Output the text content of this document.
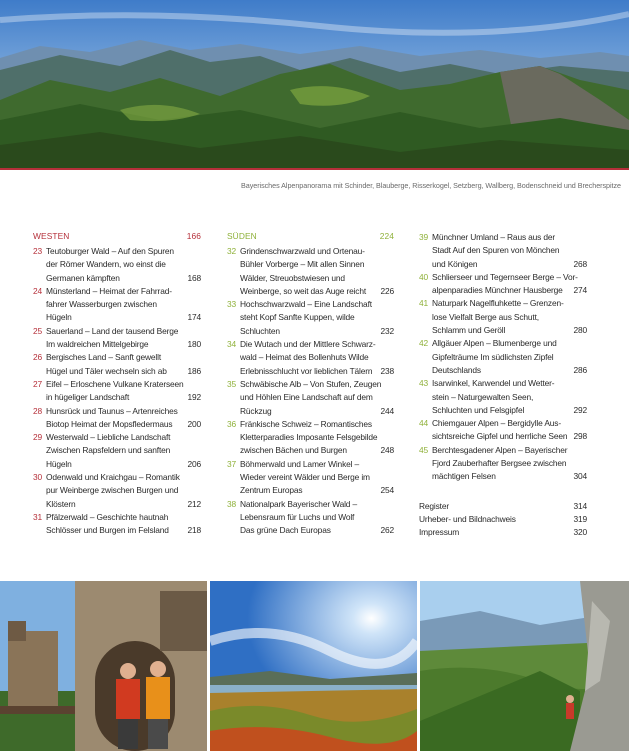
Bayerisches Alpenpanorama mit Schinder, Blauberge, Risserkogel, Setzberg, Wallberg, Bodenschneid und Brecherspitze
WESTEN	166
23 Teutoburger Wald – Auf den Spuren
der Römer Wandern, wo einst die
Germanen kämpften	168
24 Münsterland – Heimat der Fahrrad-
fahrer Wasserburgen zwischen
Hügeln	174
25 Sauerland – Land der tausend Berge
Im waldreichen Mittelgebirge	180
26 Bergisches Land – Sanft gewellt
Hügel und Täler wechseln sich ab	186
27 Eifel – Erloschene Vulkane Kraterseen
in hügeliger Landschaft	192
28 Hunsrück und Taunus – Artenreiches
Biotop Heimat der Mopsfledermaus	200
29 Westerwald – Liebliche Landschaft
Zwischen Rapsfeldern und sanften
Hügeln	206
30 Odenwald und Kraichgau – Romantik
pur Weinberge zwischen Burgen und
Klöstern	212
31 Pfälzerwald – Geschichte hautnah
Schlösser und Burgen im Felsland	218
SÜDEN	224
32 Grindenschwarzwald und Ortenau-
Bühler Vorberge – Mit allen Sinnen
Wälder, Streuobstwiesen und
Weinberge, so weit das Auge reicht	226
33 Hochschwarzwald – Eine Landschaft
steht Kopf Sanfte Kuppen, wilde
Schluchten	232
34 Die Wutach und der Mittlere Schwarz-
wald – Heimat des Bollenhuts Wilde
Erlebnisschlucht vor lieblichen Tälern 238
35 Schwäbische Alb – Von Stufen, Zeugen
und Höhlen Eine Landschaft auf dem
Rückzug	244
36 Fränkische Schweiz – Romantisches
Kletterparadies Imposante Felsgebilde
zwischen Bächen und Burgen	248
37 Böhmerwald und Lamer Winkel –
Wieder vereint Wälder und Berge im
Zentrum Europas	254
38 Nationalpark Bayerischer Wald –
Lebensraum für Luchs und Wolf
Das grüne Dach Europas	262
39 Münchner Umland – Raus aus der
Stadt Auf den Spuren von Mönchen
und Königen	268
40 Schlierseer und Tegernseer Berge – Vor-
alpenparadies Münchner Hausberge	274
41 Naturpark Nagelfluhkette – Grenzen-
lose Vielfalt Berge aus Schutt,
Schlamm und Geröll	280
42 Allgäuer Alpen – Blumenberge und
Gipfelträume Im südlichsten Zipfel
Deutschlands	286
43 Isarwinkel, Karwendel und Wetter-
stein – Naturgewalten Seen,
Schluchten und Felsgipfel	292
44 Chiemgauer Alpen – Bergidylle Aus-
sichtsreiche Gipfel und herrliche Seen 298
45 Berchtesgadener Alpen – Bayerischer
Fjord Zauberhafter Bergsee zwischen
mächtigen Felsen	304
Register	314
Urheber- und Bildnachweis	319
Impressum	320
